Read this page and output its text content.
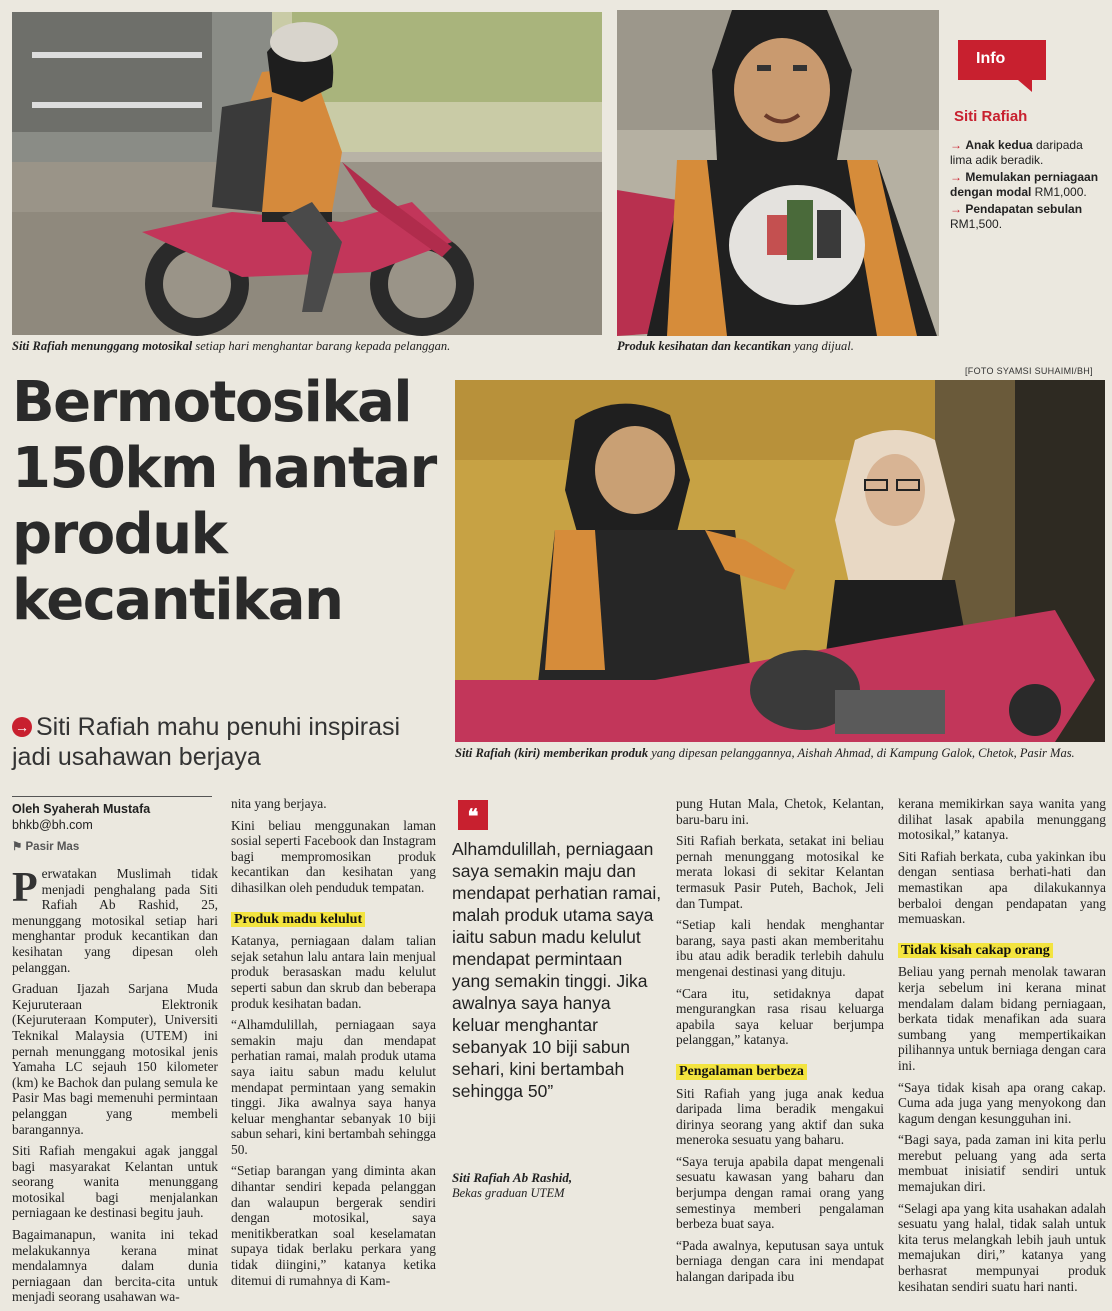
Siti Rafiah menunggang motosikal setiap hari menghantar barang kepada pelanggan.	Produk kesihatan dan kecantikan yang dijual.
Info
Siti Rafiah
→ Anak kedua daripada lima adik beradik.
→ Memulakan perniagaan dengan modal RM1,000.
→ Pendapatan sebulan RM1,500.
[FOTO SYAMSI SUHAIMI/BH]
Bermotosikal
150km hantar
produk
kecantikan
→ Siti Rafiah mahu penuhi inspirasi jadi usahawan berjaya	Siti Rafiah (kiri) memberikan produk yang dipesan pelanggannya, Aishah Ahmad, di Kampung Galok, Chetok, Pasir Mas.
Oleh Syaherah Mustafa
bhkb@bh.com
⚑ Pasir Mas

Perwatakan Muslimah tidak menjadi penghalang pada Siti Rafiah Ab Rashid, 25, menunggang motosikal setiap hari menghantar produk kecantikan dan kesihatan yang dipesan oleh pelanggan.

Graduan Ijazah Sarjana Muda Kejuruteraan Elektronik (Kejuruteraan Komputer), Universiti Teknikal Malaysia (UTEM) ini pernah menunggang motosikal jenis Yamaha LC sejauh 150 kilometer (km) ke Bachok dan pulang semula ke Pasir Mas bagi memenuhi permintaan pelanggan yang membeli barangannya.

Siti Rafiah mengakui agak janggal bagi masyarakat Kelantan untuk seorang wanita menunggang motosikal bagi menjalankan perniagaan ke destinasi begitu jauh.

Bagaimanapun, wanita ini tekad melakukannya kerana minat mendalamnya dalam dunia perniagaan dan bercita-cita untuk menjadi seorang usahawan wa-

nita yang berjaya.

Kini beliau menggunakan laman sosial seperti Facebook dan Instagram bagi mempromosikan produk kecantikan dan kesihatan yang dihasilkan oleh penduduk tempatan.

Produk madu kelulut

Katanya, perniagaan dalam talian sejak setahun lalu antara lain menjual produk berasaskan madu kelulut seperti sabun dan skrub dan beberapa produk kesihatan badan.

“Alhamdulillah, perniagaan saya semakin maju dan mendapat perhatian ramai, malah produk utama saya iaitu sabun madu kelulut mendapat permintaan yang semakin tinggi. Jika awalnya saya hanya keluar menghantar sebanyak 10 biji sabun sehari, kini bertambah sehingga 50.

“Setiap barangan yang diminta akan dihantar sendiri kepada pelanggan dan walaupun bergerak sendiri dengan motosikal, saya menitikberatkan soal keselamatan supaya tidak berlaku perkara yang tidak diingini,” katanya ketika ditemui di rumahnya di Kam-

❝
Alhamdulillah, perniagaan saya semakin maju dan mendapat perhatian ramai, malah produk utama saya iaitu sabun madu kelulut mendapat permintaan yang semakin tinggi. Jika awalnya saya hanya keluar menghantar sebanyak 10 biji sabun sehari, kini bertambah sehingga 50”
Siti Rafiah Ab Rashid,
Bekas graduan UTEM

pung Hutan Mala, Chetok, Kelantan, baru-baru ini.

Siti Rafiah berkata, setakat ini beliau pernah menunggang motosikal ke merata lokasi di sekitar Kelantan termasuk Pasir Puteh, Bachok, Jeli dan Tumpat.

“Setiap kali hendak menghantar barang, saya pasti akan memberitahu ibu atau adik beradik terlebih dahulu mengenai destinasi yang dituju.

“Cara itu, setidaknya dapat mengurangkan rasa risau keluarga apabila saya keluar berjumpa pelanggan,” katanya.

Pengalaman berbeza

Siti Rafiah yang juga anak kedua daripada lima beradik mengakui dirinya seorang yang aktif dan suka meneroka sesuatu yang baharu.

“Saya teruja apabila dapat mengenali sesuatu kawasan yang baharu dan berjumpa dengan ramai orang yang semestinya memberi pengalaman berbeza buat saya.

“Pada awalnya, keputusan saya untuk berniaga dengan cara ini mendapat halangan daripada ibu

kerana memikirkan saya wanita yang dilihat lasak apabila menunggang motosikal,” katanya.

Siti Rafiah berkata, cuba yakinkan ibu dengan sentiasa berhati-hati dan memastikan apa dilakukannya berbaloi dengan pendapatan yang memuaskan.

Tidak kisah cakap orang

Beliau yang pernah menolak tawaran kerja sebelum ini kerana minat mendalam dalam bidang perniagaan, berkata tidak menafikan ada suara sumbang yang mempertikaikan pilihannya untuk berniaga dengan cara ini.

“Saya tidak kisah apa orang cakap. Cuma ada juga yang menyokong dan kagum dengan kesungguhan ini.

“Bagi saya, pada zaman ini kita perlu merebut peluang yang ada serta membuat inisiatif sendiri untuk memajukan diri.

“Selagi apa yang kita usahakan adalah sesuatu yang halal, tidak salah untuk kita terus melangkah lebih jauh untuk memajukan diri,” katanya yang berhasrat mempunyai produk kesihatan sendiri suatu hari nanti.
